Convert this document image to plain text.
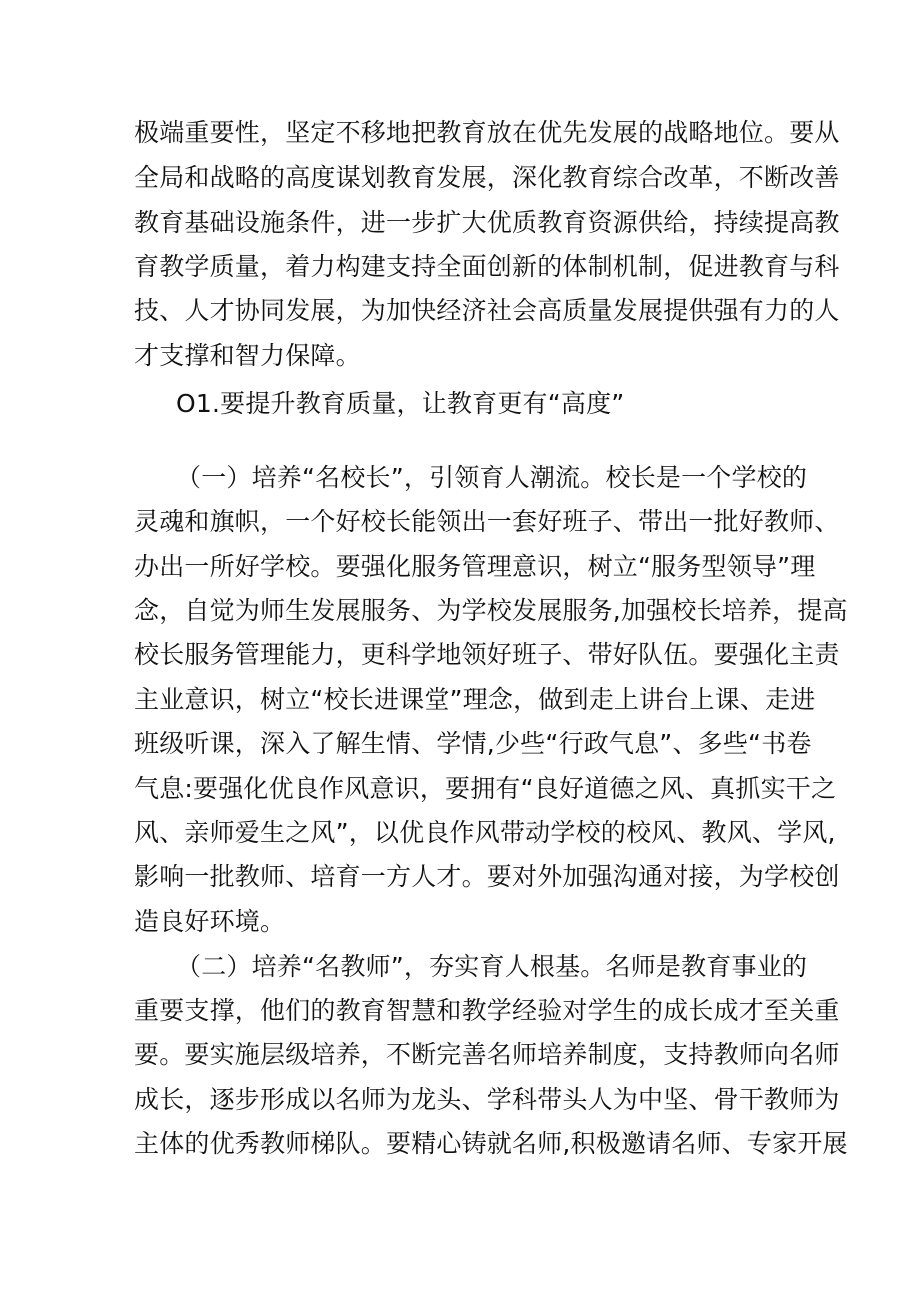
极端重要性，坚定不移地把教育放在优先发展的战略地位。要从
全局和战略的高度谋划教育发展，深化教育综合改革，不断改善
教育基础设施条件，进一步扩大优质教育资源供给，持续提高教
育教学质量，着力构建支持全面创新的体制机制，促进教育与科
技、人才协同发展，为加快经济社会高质量发展提供强有力的人
才支撑和智力保障。
O1.要提升教育质量，让教育更有“高度”
（一）培养“名校长”，引领育人潮流。校长是一个学校的
灵魂和旗帜，一个好校长能领出一套好班子、带出一批好教师、
办出一所好学校。要强化服务管理意识，树立“服务型领导”理
念，自觉为师生发展服务、为学校发展服务,加强校长培养，提高
校长服务管理能力，更科学地领好班子、带好队伍。要强化主责
主业意识，树立“校长进课堂”理念，做到走上讲台上课、走进
班级听课，深入了解生情、学情,少些“行政气息”、多些“书卷
气息:要强化优良作风意识，要拥有“良好道德之风、真抓实干之
风、亲师爱生之风”，以优良作风带动学校的校风、教风、学风,
影响一批教师、培育一方人才。要对外加强沟通对接，为学校创
造良好环境。
（二）培养“名教师”，夯实育人根基。名师是教育事业的
重要支撑，他们的教育智慧和教学经验对学生的成长成才至关重
要。要实施层级培养，不断完善名师培养制度，支持教师向名师
成长，逐步形成以名师为龙头、学科带头人为中坚、骨干教师为
主体的优秀教师梯队。要精心铸就名师,积极邀请名师、专家开展
